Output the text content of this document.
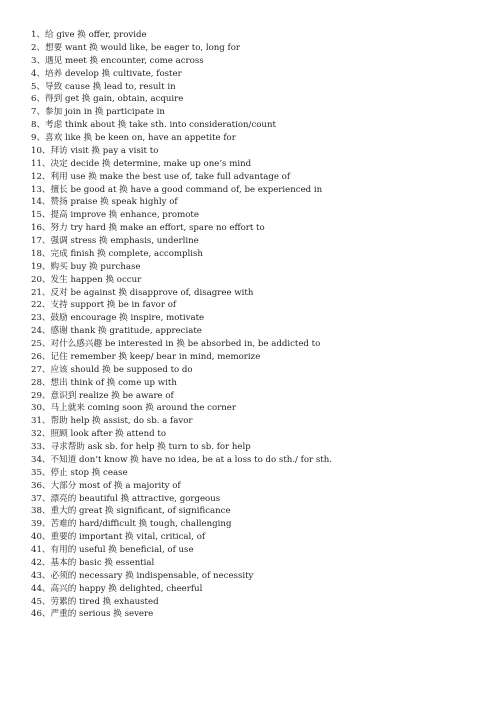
1、给 give 换 offer, provide
2、想要 want 换 would like, be eager to, long for
3、遇见 meet 换 encounter, come across
4、培养 develop 换 cultivate, foster
5、导致 cause 换 lead to, result in
6、得到 get 换 gain, obtain, acquire
7、参加 join in 换 participate in
8、考虑 think about 换 take sth. into consideration/count
9、喜欢 like 换 be keen on, have an appetite for
10、拜访 visit 换 pay a visit to
11、决定 decide 换 determine, make up one’s mind
12、利用 use 换 make the best use of, take full advantage of
13、擅长 be good at 换 have a good command of, be experienced in
14、赞扬 praise 换 speak highly of
15、提高 improve 换 enhance, promote
16、努力 try hard 换 make an effort, spare no effort to
17、强调 stress 换 emphasis, underline
18、完成 finish 换 complete, accomplish
19、购买 buy 换 purchase
20、发生 happen 换 occur
21、反对 be against 换 disapprove of, disagree with
22、支持 support 换 be in favor of
23、鼓励 encourage 换 inspire, motivate
24、感谢 thank 换 gratitude, appreciate
25、对什么感兴趣 be interested in 换 be absorbed in, be addicted to
26、记住 remember 换 keep/ bear in mind, memorize
27、应该 should 换 be supposed to do
28、想出 think of 换 come up with
29、意识到 realize 换 be aware of
30、马上就来 coming soon 换 around the corner
31、帮助 help 换 assist, do sb. a favor
32、照顾 look after 换 attend to
33、寻求帮助 ask sb. for help 换 turn to sb. for help
34、不知道 don’t know 换 have no idea, be at a loss to do sth./ for sth.
35、停止 stop 换 cease
36、大部分 most of 换 a majority of
37、漂亮的 beautiful 换 attractive, gorgeous
38、重大的 great 换 significant, of significance
39、苦难的 hard/difficult 换 tough, challenging
40、重要的 important 换 vital, critical, of
41、有用的 useful 换 beneficial, of use
42、基本的 basic 换 essential
43、必须的 necessary 换 indispensable, of necessity
44、高兴的 happy 换 delighted, cheerful
45、劳累的 tired 换 exhausted
46、严重的 serious 换 severe
